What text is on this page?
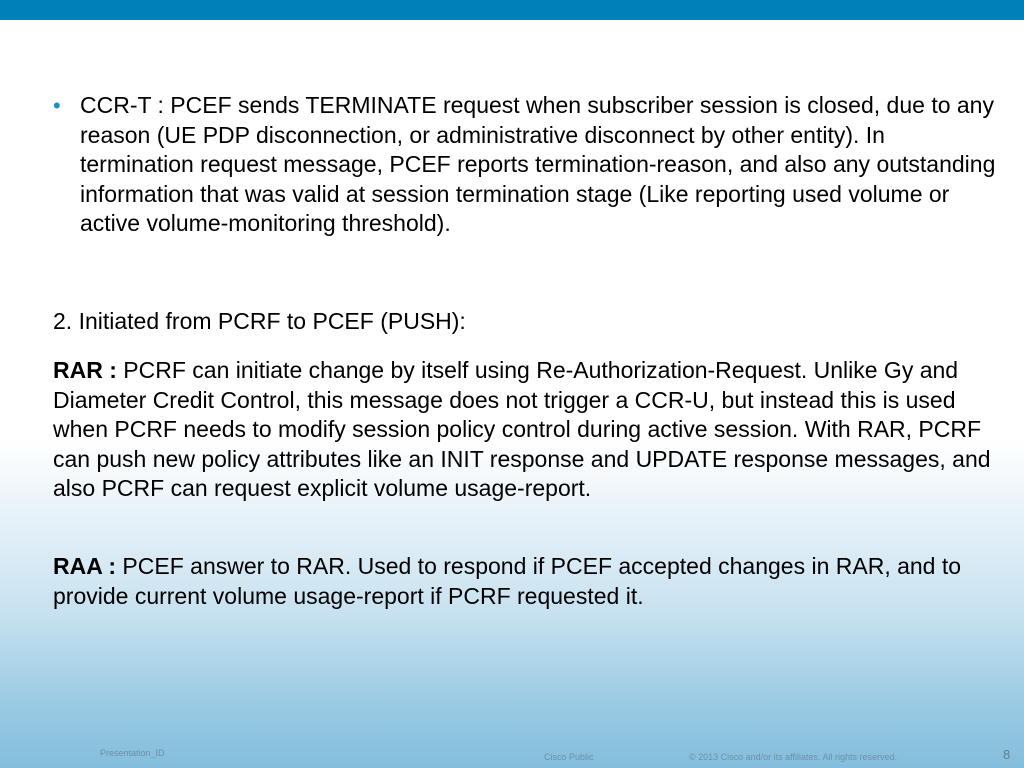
• CCR-T : PCEF sends TERMINATE request when subscriber session is closed, due to any reason (UE PDP disconnection, or administrative disconnect by other entity). In termination request message, PCEF reports termination-reason, and also any outstanding information that was valid at session termination stage (Like reporting used volume or active volume-monitoring threshold).
2. Initiated from PCRF to PCEF (PUSH):
RAR : PCRF can initiate change by itself using Re-Authorization-Request. Unlike Gy and Diameter Credit Control, this message does not trigger a CCR-U, but instead this is used when PCRF needs to modify session policy control during active session. With RAR, PCRF can push new policy attributes like an INIT response and UPDATE response messages, and also PCRF can request explicit volume usage-report.
RAA : PCEF answer to RAR. Used to respond if PCEF accepted changes in RAR, and to provide current volume usage-report if PCRF requested it.
Presentation_ID	Cisco Public	© 2013 Cisco and/or its affiliates. All rights reserved.	8
